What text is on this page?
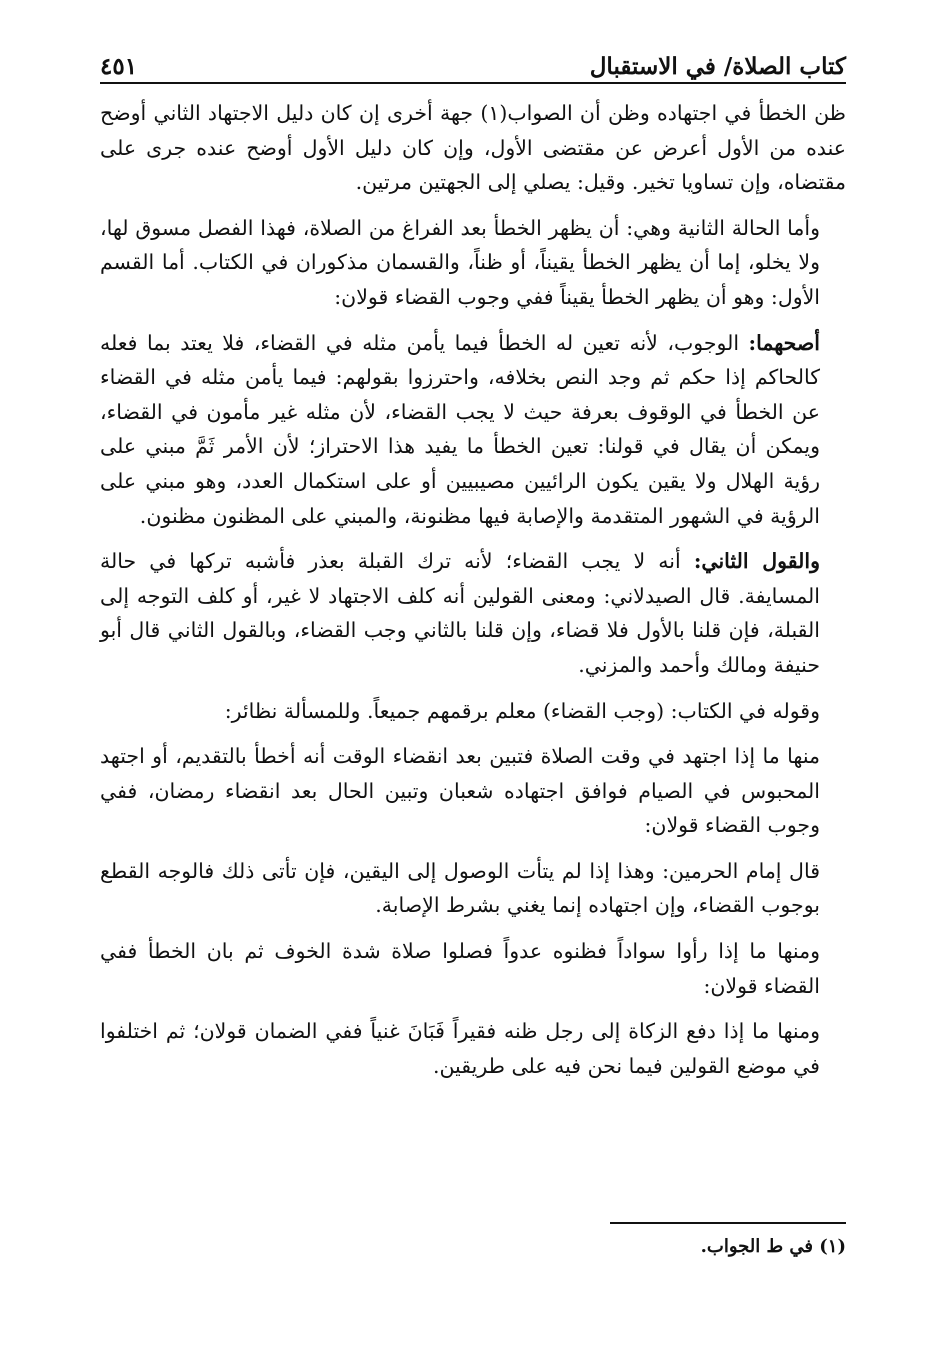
كتاب الصلاة/ في الاستقبال
٤٥١

ظن الخطأ في اجتهاده وظن أن الصواب(١) جهة أخرى إن كان دليل الاجتهاد الثاني أوضح عنده من الأول أعرض عن مقتضى الأول، وإن كان دليل الأول أوضح عنده جرى على مقتضاه، وإن تساويا تخير. وقيل: يصلي إلى الجهتين مرتين.

وأما الحالة الثانية وهي: أن يظهر الخطأ بعد الفراغ من الصلاة، فهذا الفصل مسوق لها، ولا يخلو، إما أن يظهر الخطأ يقيناً، أو ظناً، والقسمان مذكوران في الكتاب. أما القسم الأول: وهو أن يظهر الخطأ يقيناً ففي وجوب القضاء قولان:

أصحهما: الوجوب، لأنه تعين له الخطأ فيما يأمن مثله في القضاء، فلا يعتد بما فعله كالحاكم إذا حكم ثم وجد النص بخلافه، واحترزوا بقولهم: فيما يأمن مثله في القضاء عن الخطأ في الوقوف بعرفة حيث لا يجب القضاء، لأن مثله غير مأمون في القضاء، ويمكن أن يقال في قولنا: تعين الخطأ ما يفيد هذا الاحتراز؛ لأن الأمر ثَمَّ مبني على رؤية الهلال ولا يقين يكون الرائيين مصيبيين أو على استكمال العدد، وهو مبني على الرؤية في الشهور المتقدمة والإصابة فيها مظنونة، والمبني على المظنون مظنون.

والقول الثاني: أنه لا يجب القضاء؛ لأنه ترك القبلة بعذر فأشبه تركها في حالة المسايفة. قال الصيدلاني: ومعنى القولين أنه كلف الاجتهاد لا غير، أو كلف التوجه إلى القبلة، فإن قلنا بالأول فلا قضاء، وإن قلنا بالثاني وجب القضاء، وبالقول الثاني قال أبو حنيفة ومالك وأحمد والمزني.

وقوله في الكتاب: (وجب القضاء) معلم برقمهم جميعاً. وللمسألة نظائر:

منها ما إذا اجتهد في وقت الصلاة فتبين بعد انقضاء الوقت أنه أخطأ بالتقديم، أو اجتهد المحبوس في الصيام فوافق اجتهاده شعبان وتبين الحال بعد انقضاء رمضان، ففي وجوب القضاء قولان:

قال إمام الحرمين: وهذا إذا لم يتأت الوصول إلى اليقين، فإن تأتى ذلك فالوجه القطع بوجوب القضاء، وإن اجتهاده إنما يغني بشرط الإصابة.

ومنها ما إذا رأوا سواداً فظنوه عدواً فصلوا صلاة شدة الخوف ثم بان الخطأ ففي القضاء قولان:

ومنها ما إذا دفع الزكاة إلى رجل ظنه فقيراً فَبَانَ غنياً ففي الضمان قولان؛ ثم اختلفوا في موضع القولين فيما نحن فيه على طريقين.

(١) في ط الجواب.
